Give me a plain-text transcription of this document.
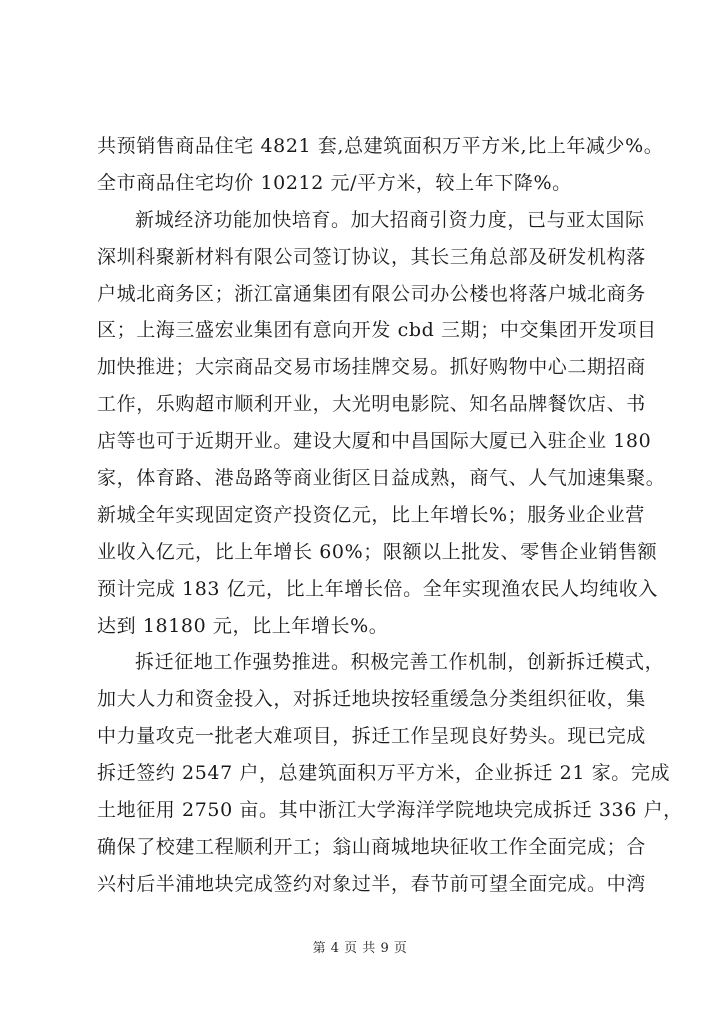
共预销售商品住宅 4821 套,总建筑面积万平方米,比上年减少%。
全市商品住宅均价 10212 元/平方米，较上年下降%。
新城经济功能加快培育。加大招商引资力度，已与亚太国际
深圳科聚新材料有限公司签订协议，其长三角总部及研发机构落
户城北商务区；浙江富通集团有限公司办公楼也将落户城北商务
区；上海三盛宏业集团有意向开发 cbd 三期；中交集团开发项目
加快推进；大宗商品交易市场挂牌交易。抓好购物中心二期招商
工作，乐购超市顺利开业，大光明电影院、知名品牌餐饮店、书
店等也可于近期开业。建设大厦和中昌国际大厦已入驻企业 180
家，体育路、港岛路等商业街区日益成熟，商气、人气加速集聚。
新城全年实现固定资产投资亿元，比上年增长%；服务业企业营
业收入亿元，比上年增长 60%；限额以上批发、零售企业销售额
预计完成 183 亿元，比上年增长倍。全年实现渔农民人均纯收入
达到 18180 元，比上年增长%。
拆迁征地工作强势推进。积极完善工作机制，创新拆迁模式，
加大人力和资金投入，对拆迁地块按轻重缓急分类组织征收，集
中力量攻克一批老大难项目，拆迁工作呈现良好势头。现已完成
拆迁签约 2547 户，总建筑面积万平方米，企业拆迁 21 家。完成
土地征用 2750 亩。其中浙江大学海洋学院地块完成拆迁 336 户，
确保了校建工程顺利开工；翁山商城地块征收工作全面完成；合
兴村后半浦地块完成签约对象过半，春节前可望全面完成。中湾
第 4 页 共 9 页
